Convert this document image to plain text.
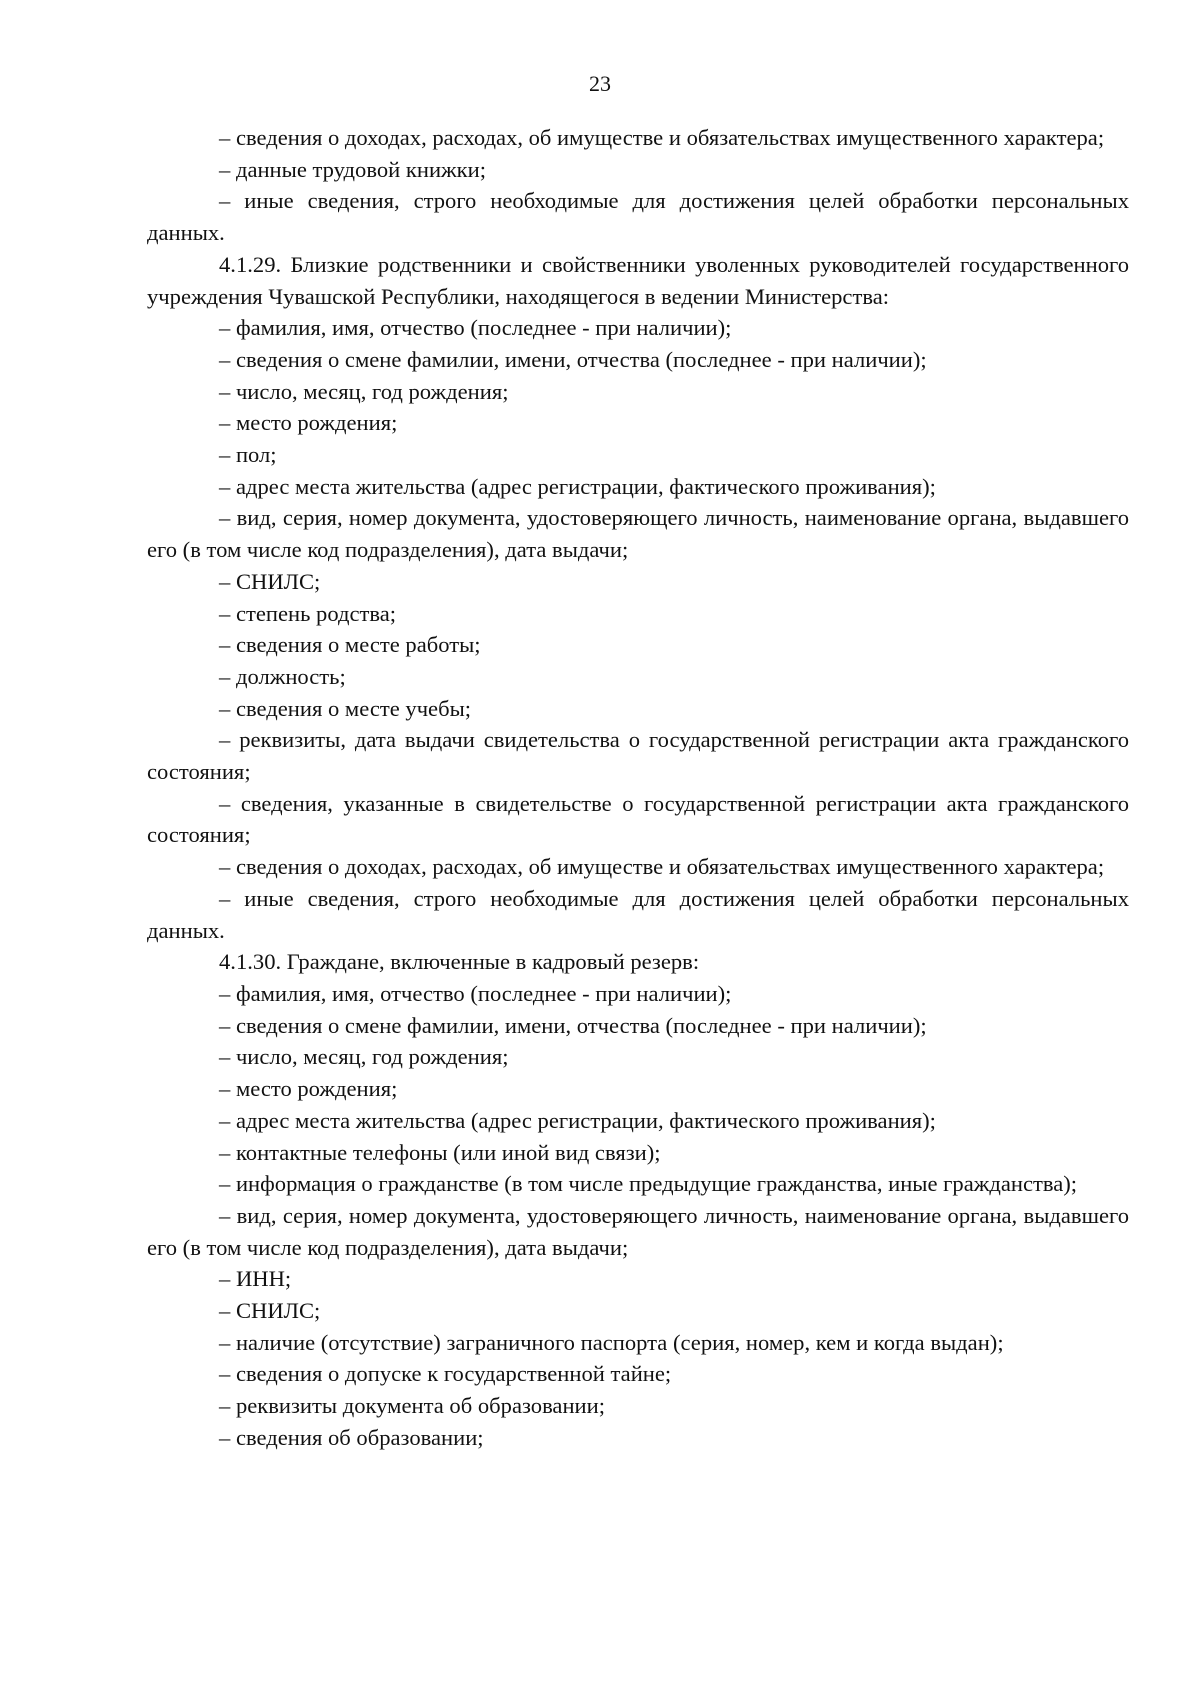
23

– сведения о доходах, расходах, об имуществе и обязательствах имущественного характера;

– данные трудовой книжки;

– иные сведения, строго необходимые для достижения целей обработки персональных данных.

4.1.29. Близкие родственники и свойственники уволенных руководителей государственного учреждения Чувашской Республики, находящегося в ведении Министерства:

– фамилия, имя, отчество (последнее - при наличии);

– сведения о смене фамилии, имени, отчества (последнее - при наличии);

– число, месяц, год рождения;

– место рождения;

– пол;

– адрес места жительства (адрес регистрации, фактического проживания);

– вид, серия, номер документа, удостоверяющего личность, наименование органа, выдавшего его (в том числе код подразделения), дата выдачи;

– СНИЛС;

– степень родства;

– сведения о месте работы;

– должность;

– сведения о месте учебы;

– реквизиты, дата выдачи свидетельства о государственной регистрации акта гражданского состояния;

– сведения, указанные в свидетельстве о государственной регистрации акта гражданского состояния;

– сведения о доходах, расходах, об имуществе и обязательствах имущественного характера;

– иные сведения, строго необходимые для достижения целей обработки персональных данных.

4.1.30. Граждане, включенные в кадровый резерв:

– фамилия, имя, отчество (последнее - при наличии);

– сведения о смене фамилии, имени, отчества (последнее - при наличии);

– число, месяц, год рождения;

– место рождения;

– адрес места жительства (адрес регистрации, фактического проживания);

– контактные телефоны (или иной вид связи);

– информация о гражданстве (в том числе предыдущие гражданства, иные гражданства);

– вид, серия, номер документа, удостоверяющего личность, наименование органа, выдавшего его (в том числе код подразделения), дата выдачи;

– ИНН;

– СНИЛС;

– наличие (отсутствие) заграничного паспорта (серия, номер, кем и когда выдан);

– сведения о допуске к государственной тайне;

– реквизиты документа об образовании;

– сведения об образовании;
